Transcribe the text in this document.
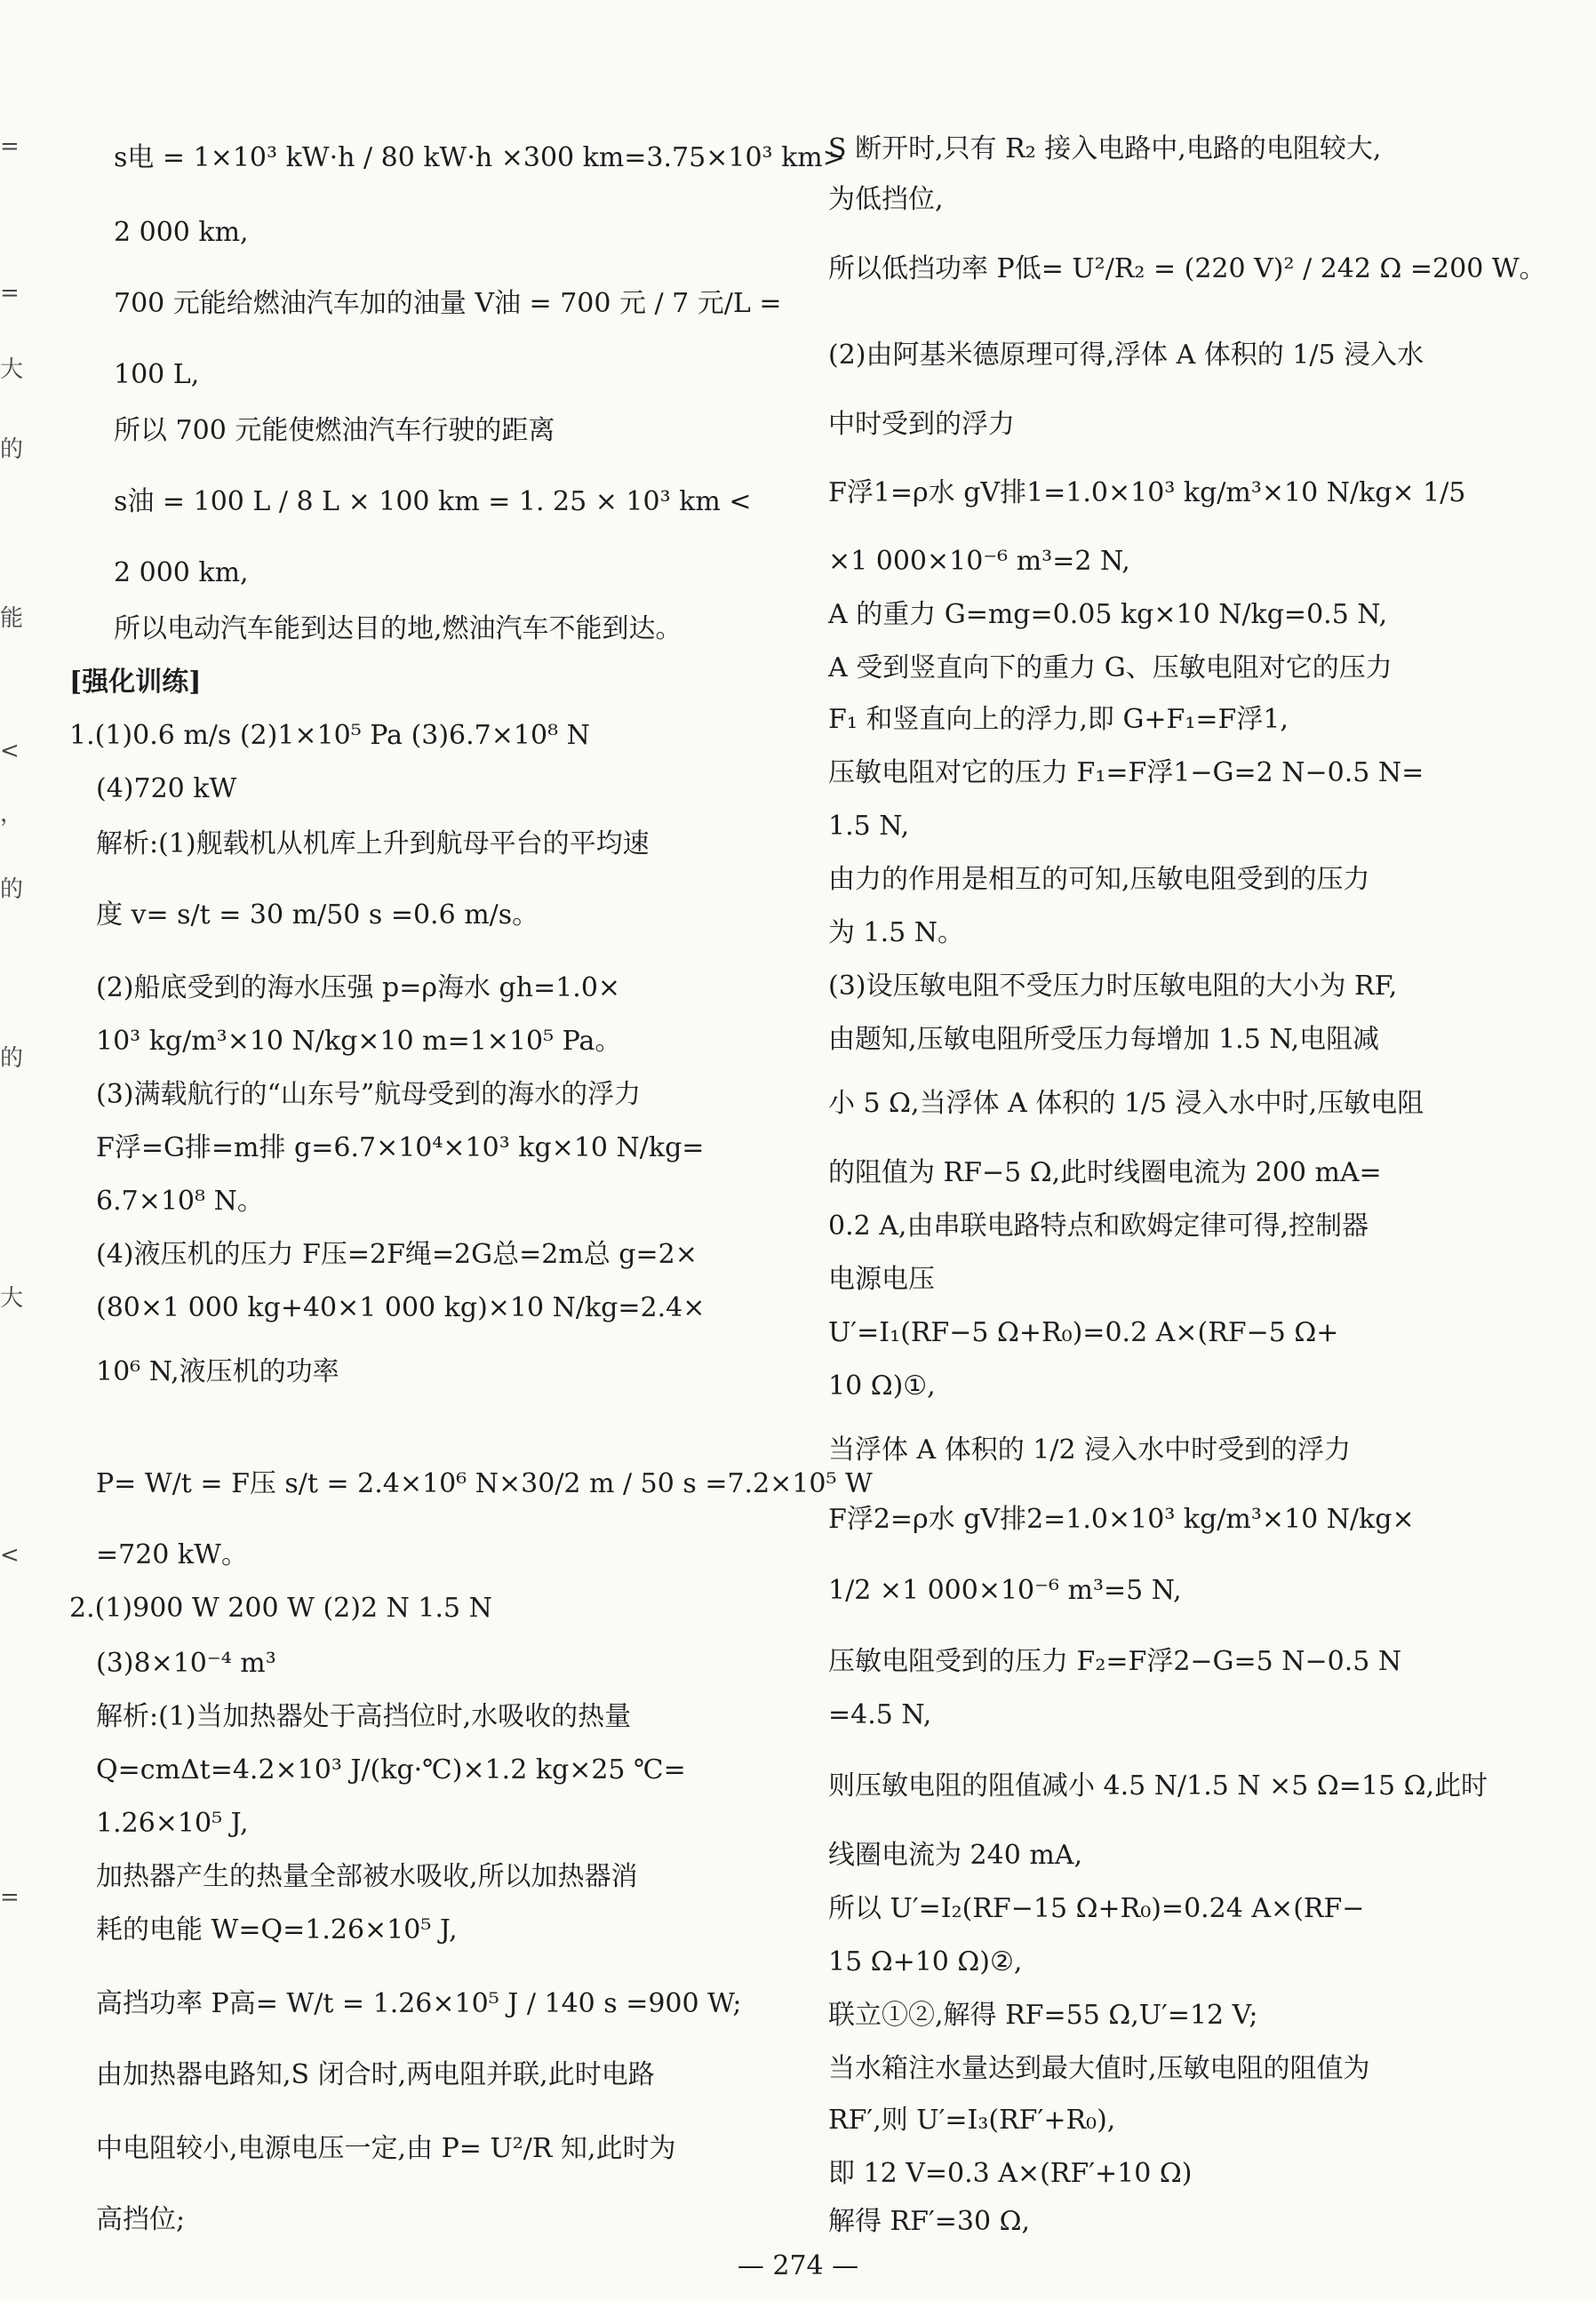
=
=
大
的
能
<
，
的
的
大
<
=
s电 = 1×10³ kW·h / 80 kW·h ×300 km=3.75×10³ km>
2 000 km,
700 元能给燃油汽车加的油量 V油 = 700 元 / 7 元/L =
100 L,
所以 700 元能使燃油汽车行驶的距离
s油 = 100 L / 8 L × 100 km = 1. 25 × 10³ km <
2 000 km,
所以电动汽车能到达目的地,燃油汽车不能到达。
[强化训练]
1.(1)0.6 m/s (2)1×10⁵ Pa (3)6.7×10⁸ N
(4)720 kW
解析:(1)舰载机从机库上升到航母平台的平均速
度 v= s/t = 30 m/50 s =0.6 m/s。
(2)船底受到的海水压强 p=ρ海水 gh=1.0×
10³ kg/m³×10 N/kg×10 m=1×10⁵ Pa。
(3)满载航行的“山东号”航母受到的海水的浮力
F浮=G排=m排 g=6.7×10⁴×10³ kg×10 N/kg=
6.7×10⁸ N。
(4)液压机的压力 F压=2F绳=2G总=2m总 g=2×
(80×1 000 kg+40×1 000 kg)×10 N/kg=2.4×
10⁶ N,液压机的功率
P= W/t = F压 s/t = 2.4×10⁶ N×30/2 m / 50 s =7.2×10⁵ W
=720 kW。
2.(1)900 W 200 W (2)2 N 1.5 N
(3)8×10⁻⁴ m³
解析:(1)当加热器处于高挡位时,水吸收的热量
Q=cmΔt=4.2×10³ J/(kg·℃)×1.2 kg×25 ℃=
1.26×10⁵ J,
加热器产生的热量全部被水吸收,所以加热器消
耗的电能 W=Q=1.26×10⁵ J,
高挡功率 P高= W/t = 1.26×10⁵ J / 140 s =900 W;
由加热器电路知,S 闭合时,两电阻并联,此时电路
中电阻较小,电源电压一定,由 P= U²/R 知,此时为
高挡位;
S 断开时,只有 R₂ 接入电路中,电路的电阻较大,
为低挡位,
所以低挡功率 P低= U²/R₂ = (220 V)² / 242 Ω =200 W。
(2)由阿基米德原理可得,浮体 A 体积的 1/5 浸入水
中时受到的浮力
F浮1=ρ水 gV排1=1.0×10³ kg/m³×10 N/kg× 1/5
×1 000×10⁻⁶ m³=2 N,
A 的重力 G=mg=0.05 kg×10 N/kg=0.5 N,
A 受到竖直向下的重力 G、压敏电阻对它的压力
F₁ 和竖直向上的浮力,即 G+F₁=F浮1,
压敏电阻对它的压力 F₁=F浮1−G=2 N−0.5 N=
1.5 N,
由力的作用是相互的可知,压敏电阻受到的压力
为 1.5 N。
(3)设压敏电阻不受压力时压敏电阻的大小为 RF,
由题知,压敏电阻所受压力每增加 1.5 N,电阻减
小 5 Ω,当浮体 A 体积的 1/5 浸入水中时,压敏电阻
的阻值为 RF−5 Ω,此时线圈电流为 200 mA=
0.2 A,由串联电路特点和欧姆定律可得,控制器
电源电压
U′=I₁(RF−5 Ω+R₀)=0.2 A×(RF−5 Ω+
10 Ω)①,
当浮体 A 体积的 1/2 浸入水中时受到的浮力
F浮2=ρ水 gV排2=1.0×10³ kg/m³×10 N/kg×
1/2 ×1 000×10⁻⁶ m³=5 N,
压敏电阻受到的压力 F₂=F浮2−G=5 N−0.5 N
=4.5 N,
则压敏电阻的阻值减小 4.5 N/1.5 N ×5 Ω=15 Ω,此时
线圈电流为 240 mA,
所以 U′=I₂(RF−15 Ω+R₀)=0.24 A×(RF−
15 Ω+10 Ω)②,
联立①②,解得 RF=55 Ω,U′=12 V;
当水箱注水量达到最大值时,压敏电阻的阻值为
RF′,则 U′=I₃(RF′+R₀),
即 12 V=0.3 A×(RF′+10 Ω)
解得 RF′=30 Ω,
— 274 —
